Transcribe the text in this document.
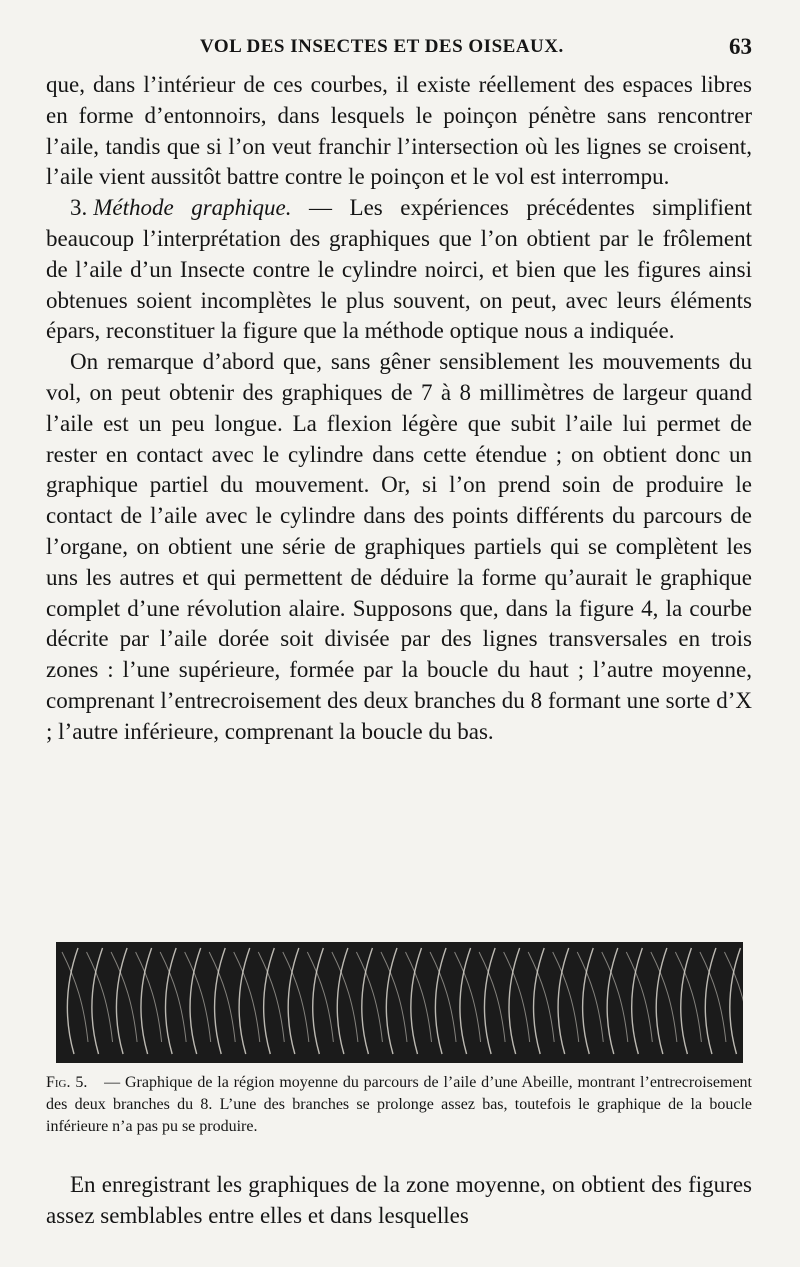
VOL DES INSECTES ET DES OISEAUX.	63

que, dans l’intérieur de ces courbes, il existe réellement des espaces libres en forme d’entonnoirs, dans lesquels le poinçon pénètre sans rencontrer l’aile, tandis que si l’on veut franchir l’intersection où les lignes se croisent, l’aile vient aussitôt battre contre le poinçon et le vol est interrompu.

3. Méthode graphique. — Les expériences précédentes simplifient beaucoup l’interprétation des graphiques que l’on obtient par le frôlement de l’aile d’un Insecte contre le cylindre noirci, et bien que les figures ainsi obtenues soient incomplètes le plus souvent, on peut, avec leurs éléments épars, reconstituer la figure que la méthode optique nous a indiquée.

On remarque d’abord que, sans gêner sensiblement les mouvements du vol, on peut obtenir des graphiques de 7 à 8 millimètres de largeur quand l’aile est un peu longue. La flexion légère que subit l’aile lui permet de rester en contact avec le cylindre dans cette étendue ; on obtient donc un graphique partiel du mouvement. Or, si l’on prend soin de produire le contact de l’aile avec le cylindre dans des points différents du parcours de l’organe, on obtient une série de graphiques partiels qui se complètent les uns les autres et qui permettent de déduire la forme qu’aurait le graphique complet d’une révolution alaire. Supposons que, dans la figure 4, la courbe décrite par l’aile dorée soit divisée par des lignes transversales en trois zones : l’une supérieure, formée par la boucle du haut ; l’autre moyenne, comprenant l’entrecroisement des deux branches du 8 formant une sorte d’X ; l’autre inférieure, comprenant la boucle du bas.

Fig. 5. — Graphique de la région moyenne du parcours de l’aile d’une Abeille, montrant l’entrecroisement des deux branches du 8. L’une des branches se prolonge assez bas, toutefois le graphique de la boucle inférieure n’a pas pu se produire.

En enregistrant les graphiques de la zone moyenne, on obtient des figures assez semblables entre elles et dans lesquelles
